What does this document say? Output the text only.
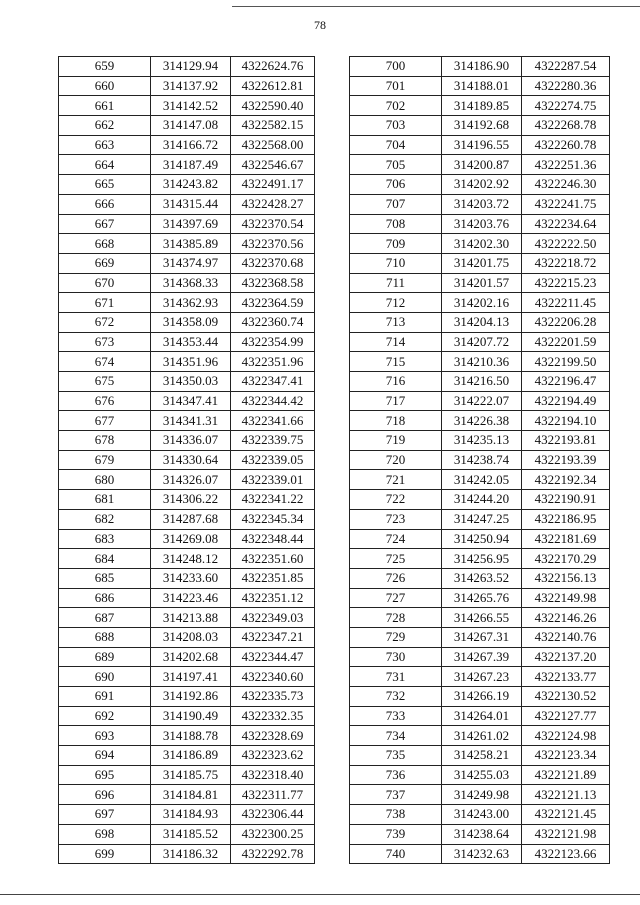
78
659	314129.94	4322624.76
660	314137.92	4322612.81
661	314142.52	4322590.40
662	314147.08	4322582.15
663	314166.72	4322568.00
664	314187.49	4322546.67
665	314243.82	4322491.17
666	314315.44	4322428.27
667	314397.69	4322370.54
668	314385.89	4322370.56
669	314374.97	4322370.68
670	314368.33	4322368.58
671	314362.93	4322364.59
672	314358.09	4322360.74
673	314353.44	4322354.99
674	314351.96	4322351.96
675	314350.03	4322347.41
676	314347.41	4322344.42
677	314341.31	4322341.66
678	314336.07	4322339.75
679	314330.64	4322339.05
680	314326.07	4322339.01
681	314306.22	4322341.22
682	314287.68	4322345.34
683	314269.08	4322348.44
684	314248.12	4322351.60
685	314233.60	4322351.85
686	314223.46	4322351.12
687	314213.88	4322349.03
688	314208.03	4322347.21
689	314202.68	4322344.47
690	314197.41	4322340.60
691	314192.86	4322335.73
692	314190.49	4322332.35
693	314188.78	4322328.69
694	314186.89	4322323.62
695	314185.75	4322318.40
696	314184.81	4322311.77
697	314184.93	4322306.44
698	314185.52	4322300.25
699	314186.32	4322292.78
700	314186.90	4322287.54
701	314188.01	4322280.36
702	314189.85	4322274.75
703	314192.68	4322268.78
704	314196.55	4322260.78
705	314200.87	4322251.36
706	314202.92	4322246.30
707	314203.72	4322241.75
708	314203.76	4322234.64
709	314202.30	4322222.50
710	314201.75	4322218.72
711	314201.57	4322215.23
712	314202.16	4322211.45
713	314204.13	4322206.28
714	314207.72	4322201.59
715	314210.36	4322199.50
716	314216.50	4322196.47
717	314222.07	4322194.49
718	314226.38	4322194.10
719	314235.13	4322193.81
720	314238.74	4322193.39
721	314242.05	4322192.34
722	314244.20	4322190.91
723	314247.25	4322186.95
724	314250.94	4322181.69
725	314256.95	4322170.29
726	314263.52	4322156.13
727	314265.76	4322149.98
728	314266.55	4322146.26
729	314267.31	4322140.76
730	314267.39	4322137.20
731	314267.23	4322133.77
732	314266.19	4322130.52
733	314264.01	4322127.77
734	314261.02	4322124.98
735	314258.21	4322123.34
736	314255.03	4322121.89
737	314249.98	4322121.13
738	314243.00	4322121.45
739	314238.64	4322121.98
740	314232.63	4322123.66
